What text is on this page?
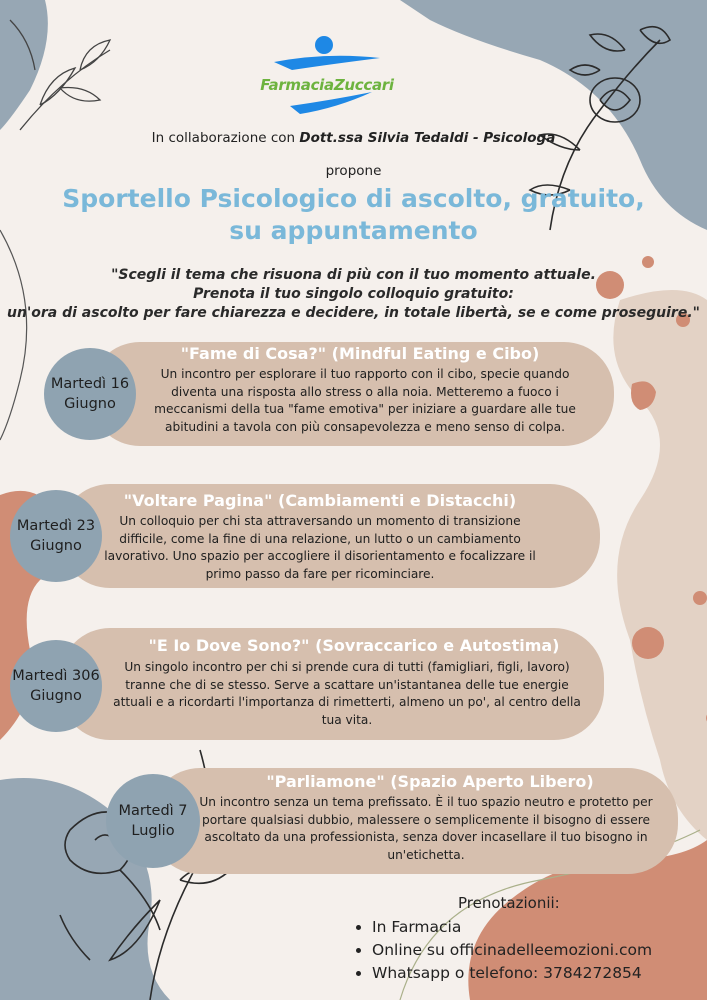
FarmaciaZuccari
In collaborazione con Dott.ssa Silvia Tedaldi - Psicologa
propone
Sportello Psicologico di ascolto, gratuito,
su appuntamento
"Scegli il tema che risuona di più con il tuo momento attuale.
Prenota il tuo singolo colloquio gratuito:
un'ora di ascolto per fare chiarezza e decidere, in totale libertà, se e come proseguire."
"Fame di Cosa?" (Mindful Eating e Cibo)
Un incontro per esplorare il tuo rapporto con il cibo, specie quando diventa una risposta allo stress o alla noia. Metteremo a fuoco i meccanismi della tua "fame emotiva" per iniziare a guardare alle tue abitudini a tavola con più consapevolezza e meno senso di colpa.
Martedì 16
Giugno
"Voltare Pagina" (Cambiamenti e Distacchi)
Un colloquio per chi sta attraversando un momento di transizione difficile, come la fine di una relazione, un lutto o un cambiamento lavorativo. Uno spazio per accogliere il disorientamento e focalizzare il primo passo da fare per ricominciare.
Martedì 23
Giugno
"E Io Dove Sono?" (Sovraccarico e Autostima)
Un singolo incontro per chi si prende cura di tutti (famigliari, figli, lavoro) tranne che di se stesso. Serve a scattare un'istantanea delle tue energie attuali e a ricordarti l'importanza di rimetterti, almeno un po', al centro della tua vita.
Martedì 306
Giugno
"Parliamone" (Spazio Aperto Libero)
Un incontro senza un tema prefissato. È il tuo spazio neutro e protetto per portare qualsiasi dubbio, malessere o semplicemente il bisogno di essere ascoltato da una professionista, senza dover incasellare il tuo bisogno in un'etichetta.
Martedì 7
Luglio
Prenotazionii:
• In Farmacia
• Online su officinadelleemozioni.com
• Whatsapp o telefono: 3784272854
